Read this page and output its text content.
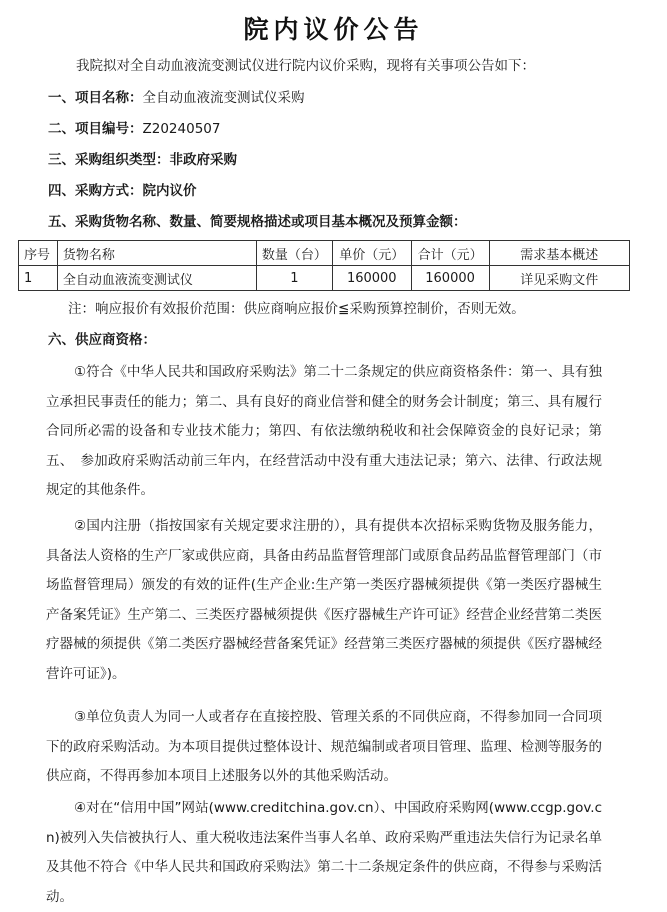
院内议价公告
我院拟对全自动血液流变测试仪进行院内议价采购，现将有关事项公告如下：
一、项目名称：全自动血液流变测试仪采购
二、项目编号：Z20240507
三、采购组织类型：非政府采购
四、采购方式：院内议价
五、采购货物名称、数量、简要规格描述或项目基本概况及预算金额：
序号	货物名称	数量（台）	单价（元）	合计（元）	需求基本概述
1	全自动血液流变测试仪	1	160000	160000	详见采购文件
注：响应报价有效报价范围：供应商响应报价≦采购预算控制价，否则无效。
六、供应商资格：
①符合《中华人民共和国政府采购法》第二十二条规定的供应商资格条件：第一、具有独立承担民事责任的能力；第二、具有良好的商业信誉和健全的财务会计制度；第三、具有履行合同所必需的设备和专业技术能力；第四、有依法缴纳税收和社会保障资金的良好记录；第五、　参加政府采购活动前三年内，在经营活动中没有重大违法记录；第六、法律、行政法规规定的其他条件。
②国内注册（指按国家有关规定要求注册的），具有提供本次招标采购货物及服务能力，具备法人资格的生产厂家或供应商，具备由药品监督管理部门或原食品药品监督管理部门（市场监督管理局）颁发的有效的证件(生产企业:生产第一类医疗器械须提供《第一类医疗器械生产备案凭证》生产第二、三类医疗器械须提供《医疗器械生产许可证》经营企业经营第二类医疗器械的须提供《第二类医疗器械经营备案凭证》经营第三类医疗器械的须提供《医疗器械经营许可证》)。
③单位负责人为同一人或者存在直接控股、管理关系的不同供应商，不得参加同一合同项下的政府采购活动。为本项目提供过整体设计、规范编制或者项目管理、监理、检测等服务的供应商，不得再参加本项目上述服务以外的其他采购活动。
④对在“信用中国”网站(www.creditchina.gov.cn）、中国政府采购网(www.ccgp.gov.cn)被列入失信被执行人、重大税收违法案件当事人名单、政府采购严重违法失信行为记录名单及其他不符合《中华人民共和国政府采购法》第二十二条规定条件的供应商，不得参与采购活动。
